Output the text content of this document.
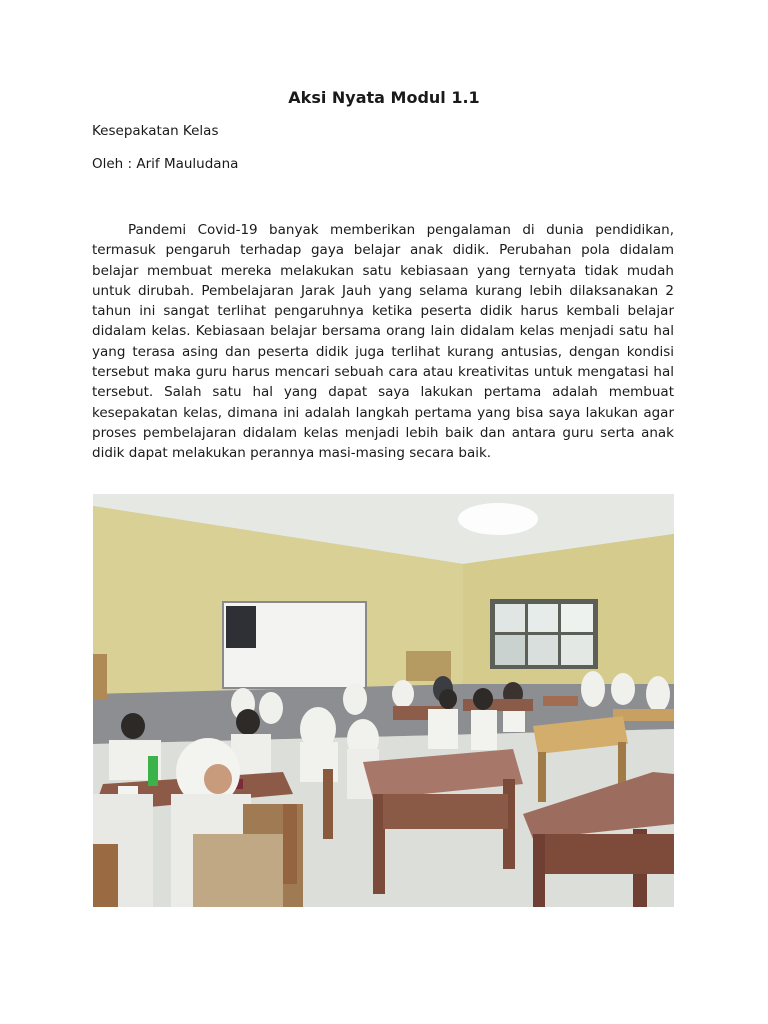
Aksi Nyata Modul 1.1

Kesepakatan Kelas

Oleh : Arif Mauludana

Pandemi Covid-19 banyak memberikan pengalaman di dunia pendidikan, termasuk pengaruh terhadap gaya belajar anak didik. Perubahan pola didalam belajar membuat mereka melakukan satu kebiasaan yang ternyata tidak mudah untuk dirubah. Pembelajaran Jarak Jauh yang selama kurang lebih dilaksanakan 2 tahun ini sangat terlihat pengaruhnya ketika peserta didik harus kembali belajar didalam kelas. Kebiasaan belajar bersama orang lain didalam kelas menjadi satu hal yang terasa asing dan peserta didik juga terlihat kurang antusias, dengan kondisi tersebut maka guru harus mencari sebuah cara atau kreativitas untuk mengatasi hal tersebut. Salah satu hal yang dapat saya lakukan pertama adalah membuat kesepakatan kelas, dimana ini adalah langkah pertama yang bisa saya lakukan agar proses pembelajaran didalam kelas menjadi lebih baik dan antara guru serta anak didik dapat melakukan perannya masi-masing secara baik.
